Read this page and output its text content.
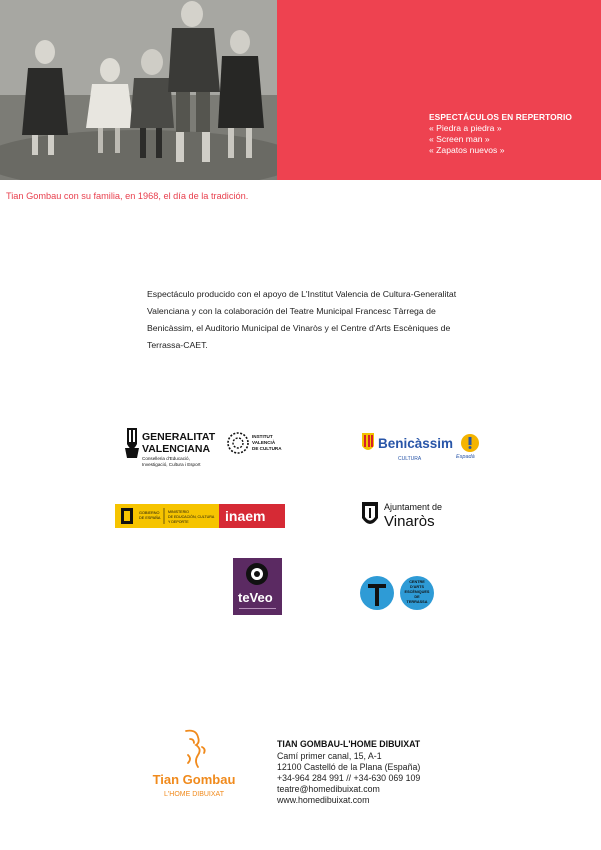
ESPECTÁCULOS EN REPERTORIO
« Piedra a piedra »
« Screen man »
« Zapatos nuevos »
Tian Gombau con su familia, en 1968, el día de la tradición.
Espectáculo producido con el apoyo de L'Institut Valencia de Cultura-Generalitat Valenciana y con la colaboración del Teatre Municipal Francesc Tàrrega de Benicàssim, el Auditorio Municipal de Vinaròs y el Centre d'Arts Escèniques de Terrassa-CAET.
GENERALITAT
VALENCIANA
Conselleria d'Educació,
Investigació, Cultura i Esport
INSTITUT
VALENCIÀ
DE CULTURA	Benicàssim
CULTURA	Espadà
GOBIERNO
DE ESPAÑA
MINISTERIO
DE EDUCACIÓN, CULTURA
Y DEPORTE	inaem
Ajuntament de
Vinaròs
teVeo
CENTRE
D'ARTS
ESCÈNIQUES
DE
TERRASSA
Tian Gombau
L'HOME DIBUIXAT
TIAN GOMBAU-L'HOME DIBUIXAT
Camí primer canal, 15, A-1
12100 Castelló de la Plana (España)
+34-964 284 991 // +34-630 069 109
teatre@homedibuixat.com
www.homedibuixat.com
